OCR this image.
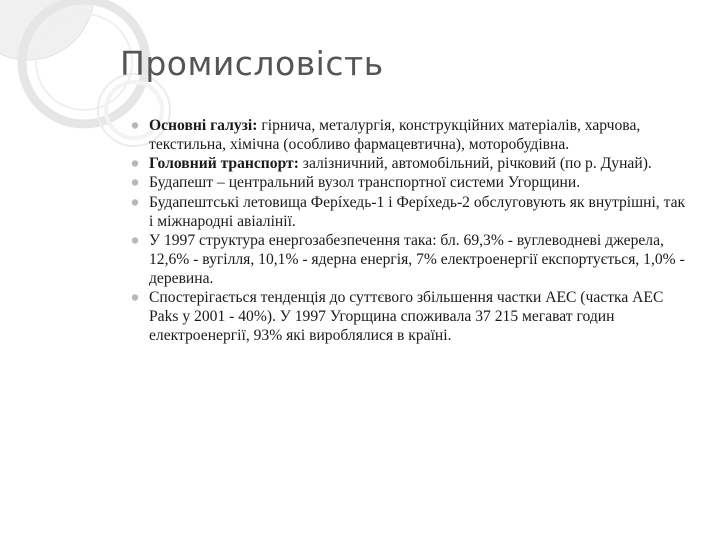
Промисловість
Основні галузі: гірнича, металургія, конструкційних матеріалів, харчова, текстильна, хімічна (особливо фармацевтична), моторобудівна.
Головний транспорт: залізничний, автомобільний, річковий (по р. Дунай).
Будапешт – центральний вузол транспортної системи Угорщини.
Будапештські летовища Ферíхедь-1 і Ферíхедь-2 обслуговують як внутрішні, так і міжнародні авіалінії.
У 1997 структура енергозабезпечення така: бл. 69,3% - вуглеводневі джерела, 12,6% - вугілля, 10,1% - ядерна енергія, 7% електроенергії експортується, 1,0% - деревина.
Спостерігається тенденція до суттєвого збільшення частки АЕС (частка АЕС Paks у 2001 - 40%). У 1997 Угорщина споживала 37 215 мегават годин електроенергії, 93% які вироблялися в країні.
